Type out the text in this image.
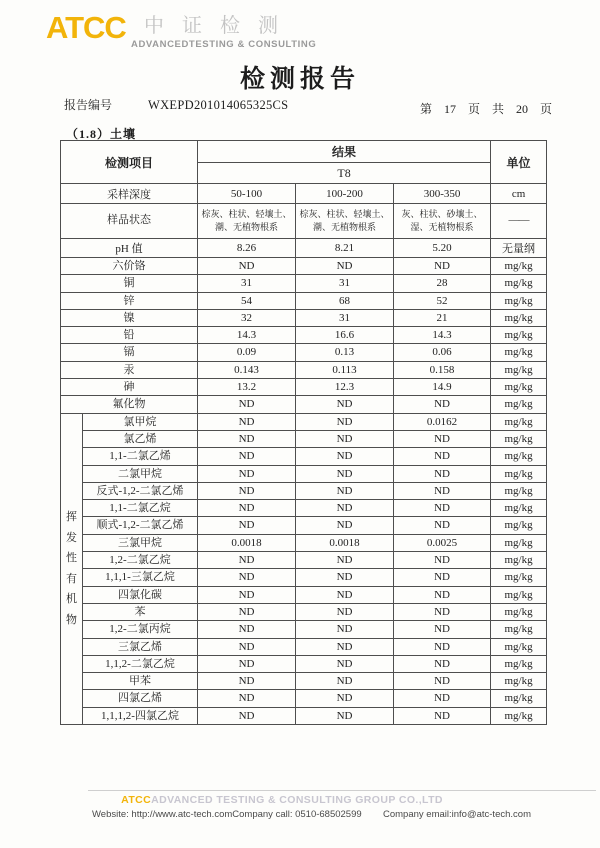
ATCC 中证检测
ADVANCEDTESTING & CONSULTING
检测报告
报告编号	WXEPD201014065325CS	第 17 页 共 20 页
（1.8）土壤
检测项目		结果			单位
		T8			
采样深度		50-100	100-200	300-350	cm
样品状态		棕灰、柱状、轻壤土、潮、无植物根系	棕灰、柱状、轻壤土、潮、无植物根系	灰、柱状、砂壤土、湿、无植物根系	——
pH 值		8.26	8.21	5.20	无量纲
六价铬		ND	ND	ND	mg/kg
铜		31	31	28	mg/kg
锌		54	68	52	mg/kg
镍		32	31	21	mg/kg
铅		14.3	16.6	14.3	mg/kg
镉		0.09	0.13	0.06	mg/kg
汞		0.143	0.113	0.158	mg/kg
砷		13.2	12.3	14.9	mg/kg
氟化物		ND	ND	ND	mg/kg

挥
发
性
有
机
物
	氯甲烷	ND	ND	0.0162	mg/kg
	氯乙烯	ND	ND	ND	mg/kg
	1,1-二氯乙烯	ND	ND	ND	mg/kg
	二氯甲烷	ND	ND	ND	mg/kg
	反式-1,2-二氯乙烯	ND	ND	ND	mg/kg
	1,1-二氯乙烷	ND	ND	ND	mg/kg
	顺式-1,2-二氯乙烯	ND	ND	ND	mg/kg
	三氯甲烷	0.0018	0.0018	0.0025	mg/kg
	1,2-二氯乙烷	ND	ND	ND	mg/kg
	1,1,1-三氯乙烷	ND	ND	ND	mg/kg
	四氯化碳	ND	ND	ND	mg/kg
	苯	ND	ND	ND	mg/kg
	1,2-二氯丙烷	ND	ND	ND	mg/kg
	三氯乙烯	ND	ND	ND	mg/kg
	1,1,2-二氯乙烷	ND	ND	ND	mg/kg
	甲苯	ND	ND	ND	mg/kg
	四氯乙烯	ND	ND	ND	mg/kg
	1,1,1,2-四氯乙烷	ND	ND	ND	mg/kg
ATCCADVANCED TESTING & CONSULTING GROUP CO.,LTD
Website: http://www.atc-tech.comCompany call: 0510-68502599 Company email:info@atc-tech.com
